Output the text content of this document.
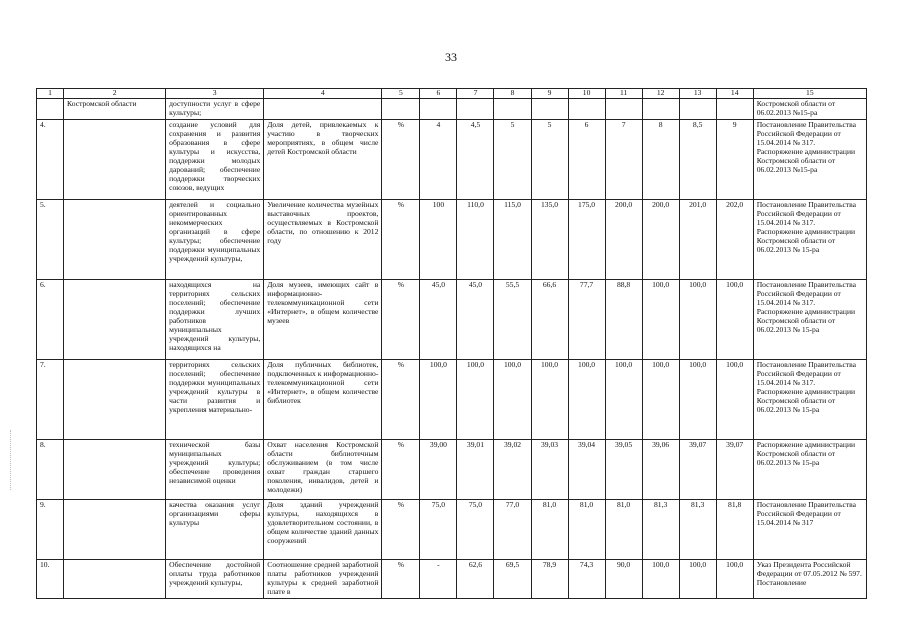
33
1	2	3	4	5	6	7	8	9	10	11	12	13	14	15
	Костромской области	доступности услуг в сфере культуры;												Костромской области от 06.02.2013 №15-ра
4.		создание условий для сохранения и развития образования в сфере культуры и искусства, поддержки молодых дарований; обеспечение поддержки творческих союзов, ведущих	Доля детей, привлекаемых к участию в творческих мероприятиях, в общем числе детей Костромской области	%	4	4,5	5	5	6	7	8	8,5	9	Постановление Правительства Российской Федерации от 15.04.2014 № 317. Распоряжение администрации Костромской области от 06.02.2013 №15-ра
5.		деятелей и социально ориентированных некоммерческих организаций в сфере культуры; обеспечение поддержки муниципальных учреждений культуры,	Увеличение количества музейных выставочных проектов, осуществляемых в Костромской области, по отношению к 2012 году	%	100	110,0	115,0	135,0	175,0	200,0	200,0	201,0	202,0	Постановление Правительства Российской Федерации от 15.04.2014 № 317. Распоряжение администрации Костромской области от 06.02.2013 № 15-ра
6.		находящихся на территориях сельских поселений; обеспечение поддержки лучших работников муниципальных учреждений культуры, находящихся на	Доля музеев, имеющих сайт в информационно-телекоммуникационной сети «Интернет», в общем количестве музеев	%	45,0	45,0	55,5	66,6	77,7	88,8	100,0	100,0	100,0	Постановление Правительства Российской Федерации от 15.04.2014 № 317. Распоряжение администрации Костромской области от 06.02.2013 № 15-ра
7.		территориях сельских поселений; обеспечение поддержки муниципальных учреждений культуры в части развития и укрепления материально-	Доля публичных библиотек, подключенных к информационно-телекоммуникационной сети «Интернет», в общем количестве библиотек	%	100,0	100,0	100,0	100,0	100,0	100,0	100,0	100,0	100,0	Постановление Правительства Российской Федерации от 15.04.2014 № 317. Распоряжение администрации Костромской области от 06.02.2013 № 15-ра
8.		технической базы муниципальных учреждений культуры; обеспечение проведения независимой оценки	Охват населения Костромской области библиотечным обслуживанием (в том числе охват граждан старшего поколения, инвалидов, детей и молодежи)	%	39,00	39,01	39,02	39,03	39,04	39,05	39,06	39,07	39,07	Распоряжение администрации Костромской области от 06.02.2013 № 15-ра
9.		качества оказания услуг организациями сферы культуры	Доля зданий учреждений культуры, находящихся в удовлетворительном состоянии, в общем количестве зданий данных сооружений	%	75,0	75,0	77,0	81,0	81,0	81,0	81,3	81,3	81,8	Постановление Правительства Российской Федерации от 15.04.2014 № 317
10.		Обеспечение достойной оплаты труда работников учреждений культуры,	Соотношение средней заработной платы работников учреждений культуры к средней заработной плате в	%	-	62,6	69,5	78,9	74,3	90,0	100,0	100,0	100,0	Указ Президента Российской Федерации от 07.05.2012 № 597. Постановление
